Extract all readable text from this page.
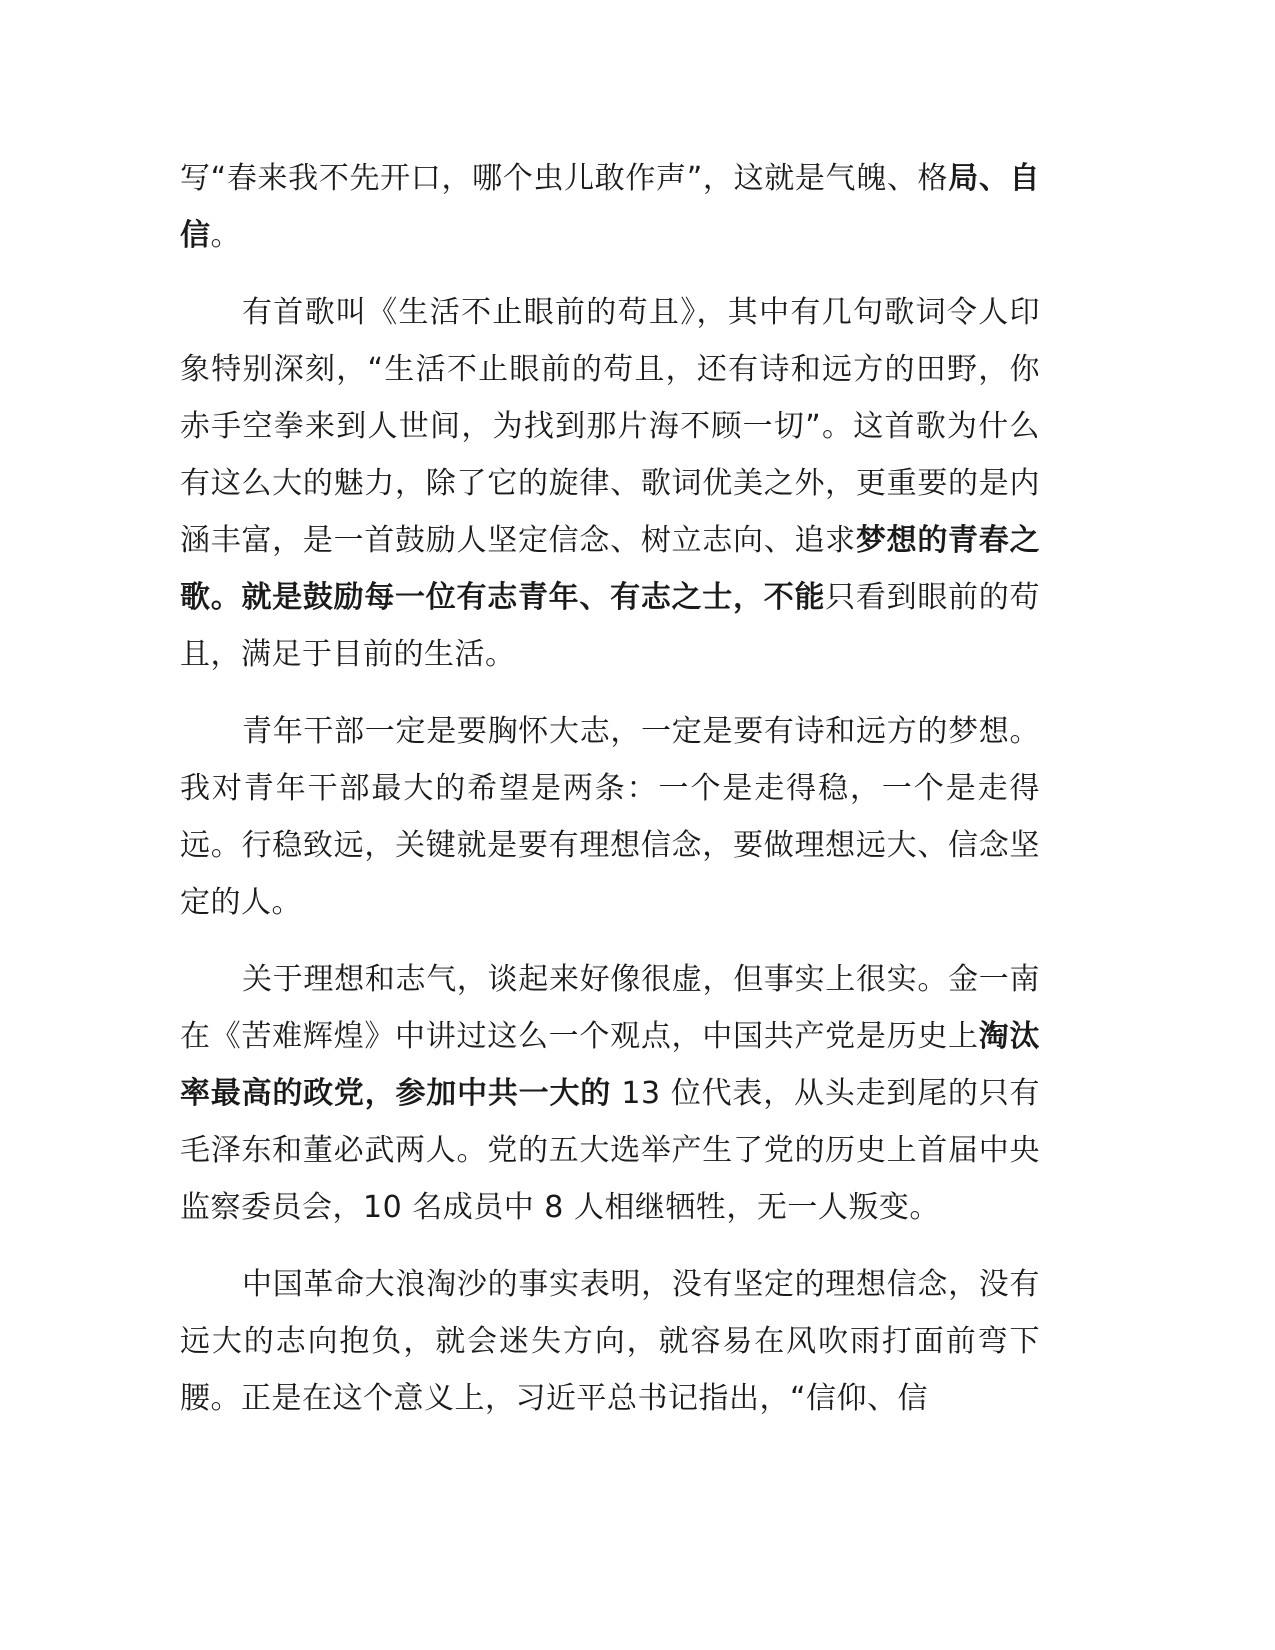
写“春来我不先开口，哪个虫儿敢作声”，这就是气魄、格局、自信。

有首歌叫《生活不止眼前的苟且》，其中有几句歌词令人印象特别深刻，“生活不止眼前的苟且，还有诗和远方的田野，你赤手空拳来到人世间，为找到那片海不顾一切”。这首歌为什么有这么大的魅力，除了它的旋律、歌词优美之外，更重要的是内涵丰富，是一首鼓励人坚定信念、树立志向、追求梦想的青春之歌。就是鼓励每一位有志青年、有志之士，不能只看到眼前的苟且，满足于目前的生活。

青年干部一定是要胸怀大志，一定是要有诗和远方的梦想。我对青年干部最大的希望是两条：一个是走得稳，一个是走得远。行稳致远，关键就是要有理想信念，要做理想远大、信念坚定的人。

关于理想和志气，谈起来好像很虚，但事实上很实。金一南在《苦难辉煌》中讲过这么一个观点，中国共产党是历史上淘汰率最高的政党，参加中共一大的 13 位代表，从头走到尾的只有毛泽东和董必武两人。党的五大选举产生了党的历史上首届中央监察委员会，10 名成员中 8 人相继牺牲，无一人叛变。

中国革命大浪淘沙的事实表明，没有坚定的理想信念，没有远大的志向抱负，就会迷失方向，就容易在风吹雨打面前弯下腰。正是在这个意义上，习近平总书记指出，“信仰、信
